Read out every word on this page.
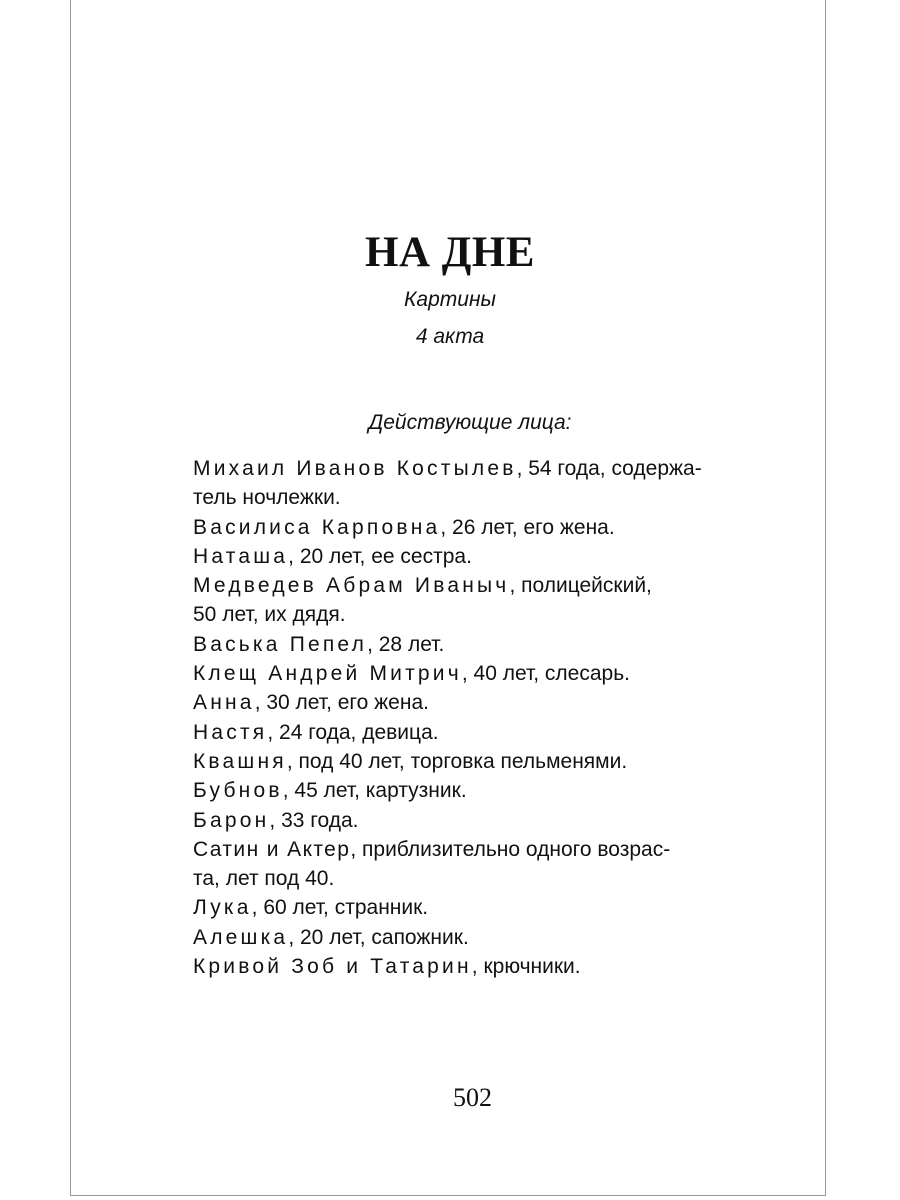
НА ДНЕ

Картины

4 акта

Действующие лица:

Михаил Иванов Костылев, 54 года, содержа-
тель ночлежки.
Василиса Карповна, 26 лет, его жена.
Наташа, 20 лет, ее сестра.
Медведев Абрам Иваныч, полицейский,
50 лет, их дядя.
Васька Пепел, 28 лет.
Клещ Андрей Митрич, 40 лет, слесарь.
Анна, 30 лет, его жена.
Настя, 24 года, девица.
Квашня, под 40 лет, торговка пельменями.
Бубнов, 45 лет, картузник.
Барон, 33 года.
Сатин и Актер, приблизительно одного возрас-
та, лет под 40.
Лука, 60 лет, странник.
Алешка, 20 лет, сапожник.
Кривой Зоб и Татарин, крючники.

502
